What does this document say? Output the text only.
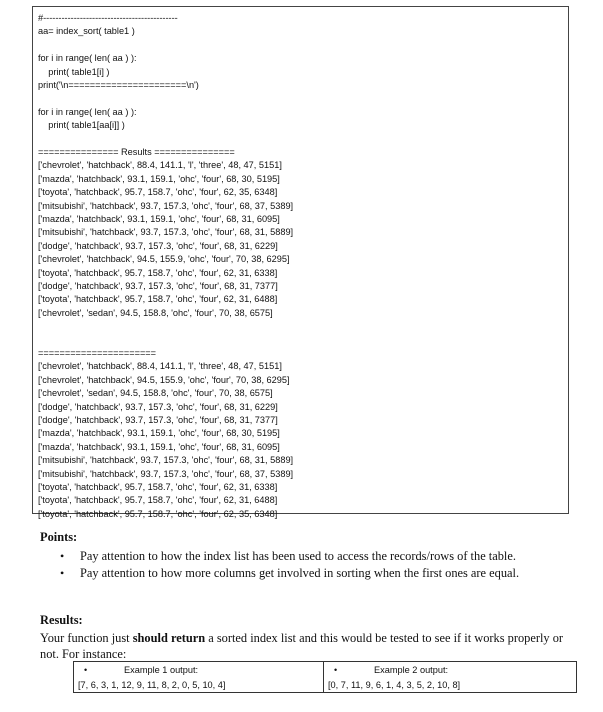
#--------------------------------------------
aa= index_sort( table1 )
for i in range( len( aa ) ):
print( table1[i] )
print('\n======================\n')
for i in range( len( aa ) ):
print( table1[aa[i]] )
=============== Results ===============
['chevrolet', 'hatchback', 88.4, 141.1, 'l', 'three', 48, 47, 5151]
['mazda', 'hatchback', 93.1, 159.1, 'ohc', 'four', 68, 30, 5195]
['toyota', 'hatchback', 95.7, 158.7, 'ohc', 'four', 62, 35, 6348]
['mitsubishi', 'hatchback', 93.7, 157.3, 'ohc', 'four', 68, 37, 5389]
['mazda', 'hatchback', 93.1, 159.1, 'ohc', 'four', 68, 31, 6095]
['mitsubishi', 'hatchback', 93.7, 157.3, 'ohc', 'four', 68, 31, 5889]
['dodge', 'hatchback', 93.7, 157.3, 'ohc', 'four', 68, 31, 6229]
['chevrolet', 'hatchback', 94.5, 155.9, 'ohc', 'four', 70, 38, 6295]
['toyota', 'hatchback', 95.7, 158.7, 'ohc', 'four', 62, 31, 6338]
['dodge', 'hatchback', 93.7, 157.3, 'ohc', 'four', 68, 31, 7377]
['toyota', 'hatchback', 95.7, 158.7, 'ohc', 'four', 62, 31, 6488]
['chevrolet', 'sedan', 94.5, 158.8, 'ohc', 'four', 70, 38, 6575]
======================
['chevrolet', 'hatchback', 88.4, 141.1, 'l', 'three', 48, 47, 5151]
['chevrolet', 'hatchback', 94.5, 155.9, 'ohc', 'four', 70, 38, 6295]
['chevrolet', 'sedan', 94.5, 158.8, 'ohc', 'four', 70, 38, 6575]
['dodge', 'hatchback', 93.7, 157.3, 'ohc', 'four', 68, 31, 6229]
['dodge', 'hatchback', 93.7, 157.3, 'ohc', 'four', 68, 31, 7377]
['mazda', 'hatchback', 93.1, 159.1, 'ohc', 'four', 68, 30, 5195]
['mazda', 'hatchback', 93.1, 159.1, 'ohc', 'four', 68, 31, 6095]
['mitsubishi', 'hatchback', 93.7, 157.3, 'ohc', 'four', 68, 31, 5889]
['mitsubishi', 'hatchback', 93.7, 157.3, 'ohc', 'four', 68, 37, 5389]
['toyota', 'hatchback', 95.7, 158.7, 'ohc', 'four', 62, 31, 6338]
['toyota', 'hatchback', 95.7, 158.7, 'ohc', 'four', 62, 31, 6488]
['toyota', 'hatchback', 95.7, 158.7, 'ohc', 'four', 62, 35, 6348]
Points:
• Pay attention to how the index list has been used to access the records/rows of the table.
• Pay attention to how more columns get involved in sorting when the first ones are equal.
Results:
Your function just should return a sorted index list and this would be tested to see if it works properly or not. For instance:
•	Example 1 output:
[7, 6, 3, 1, 12, 9, 11, 8, 2, 0, 5, 10, 4]
•	Example 2 output:
[0, 7, 11, 9, 6, 1, 4, 3, 5, 2, 10, 8]
